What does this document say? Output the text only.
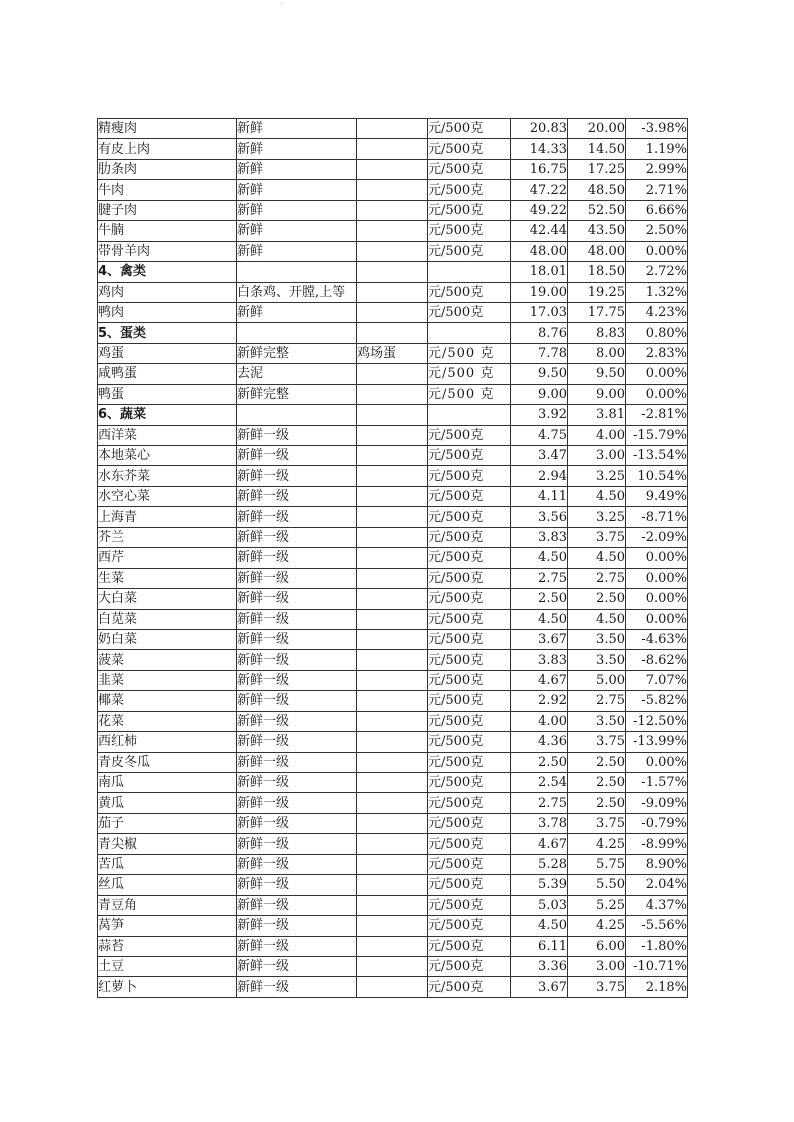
`
精瘦肉	新鲜		元/500克	20.83	20.00	-3.98%
有皮上肉	新鲜		元/500克	14.33	14.50	1.19%
肋条肉	新鲜		元/500克	16.75	17.25	2.99%
牛肉	新鲜		元/500克	47.22	48.50	2.71%
腱子肉	新鲜		元/500克	49.22	52.50	6.66%
牛腩	新鲜		元/500克	42.44	43.50	2.50%
带骨羊肉	新鲜		元/500克	48.00	48.00	0.00%
4、禽类				18.01	18.50	2.72%
鸡肉	白条鸡、开膛,上等		元/500克	19.00	19.25	1.32%
鸭肉	新鲜		元/500克	17.03	17.75	4.23%
5、蛋类				8.76	8.83	0.80%
鸡蛋	新鲜完整	鸡场蛋	元/500 克	7.78	8.00	2.83%
咸鸭蛋	去泥		元/500 克	9.50	9.50	0.00%
鸭蛋	新鲜完整		元/500 克	9.00	9.00	0.00%
6、蔬菜				3.92	3.81	-2.81%
西洋菜	新鲜一级		元/500克	4.75	4.00	-15.79%
本地菜心	新鲜一级		元/500克	3.47	3.00	-13.54%
水东芥菜	新鲜一级		元/500克	2.94	3.25	10.54%
水空心菜	新鲜一级		元/500克	4.11	4.50	9.49%
上海青	新鲜一级		元/500克	3.56	3.25	-8.71%
芥兰	新鲜一级		元/500克	3.83	3.75	-2.09%
西芹	新鲜一级		元/500克	4.50	4.50	0.00%
生菜	新鲜一级		元/500克	2.75	2.75	0.00%
大白菜	新鲜一级		元/500克	2.50	2.50	0.00%
白苋菜	新鲜一级		元/500克	4.50	4.50	0.00%
奶白菜	新鲜一级		元/500克	3.67	3.50	-4.63%
菠菜	新鲜一级		元/500克	3.83	3.50	-8.62%
韭菜	新鲜一级		元/500克	4.67	5.00	7.07%
椰菜	新鲜一级		元/500克	2.92	2.75	-5.82%
花菜	新鲜一级		元/500克	4.00	3.50	-12.50%
西红柿	新鲜一级		元/500克	4.36	3.75	-13.99%
青皮冬瓜	新鲜一级		元/500克	2.50	2.50	0.00%
南瓜	新鲜一级		元/500克	2.54	2.50	-1.57%
黄瓜	新鲜一级		元/500克	2.75	2.50	-9.09%
茄子	新鲜一级		元/500克	3.78	3.75	-0.79%
青尖椒	新鲜一级		元/500克	4.67	4.25	-8.99%
苦瓜	新鲜一级		元/500克	5.28	5.75	8.90%
丝瓜	新鲜一级		元/500克	5.39	5.50	2.04%
青豆角	新鲜一级		元/500克	5.03	5.25	4.37%
莴笋	新鲜一级		元/500克	4.50	4.25	-5.56%
蒜苔	新鲜一级		元/500克	6.11	6.00	-1.80%
土豆	新鲜一级		元/500克	3.36	3.00	-10.71%
红萝卜	新鲜一级		元/500克	3.67	3.75	2.18%
